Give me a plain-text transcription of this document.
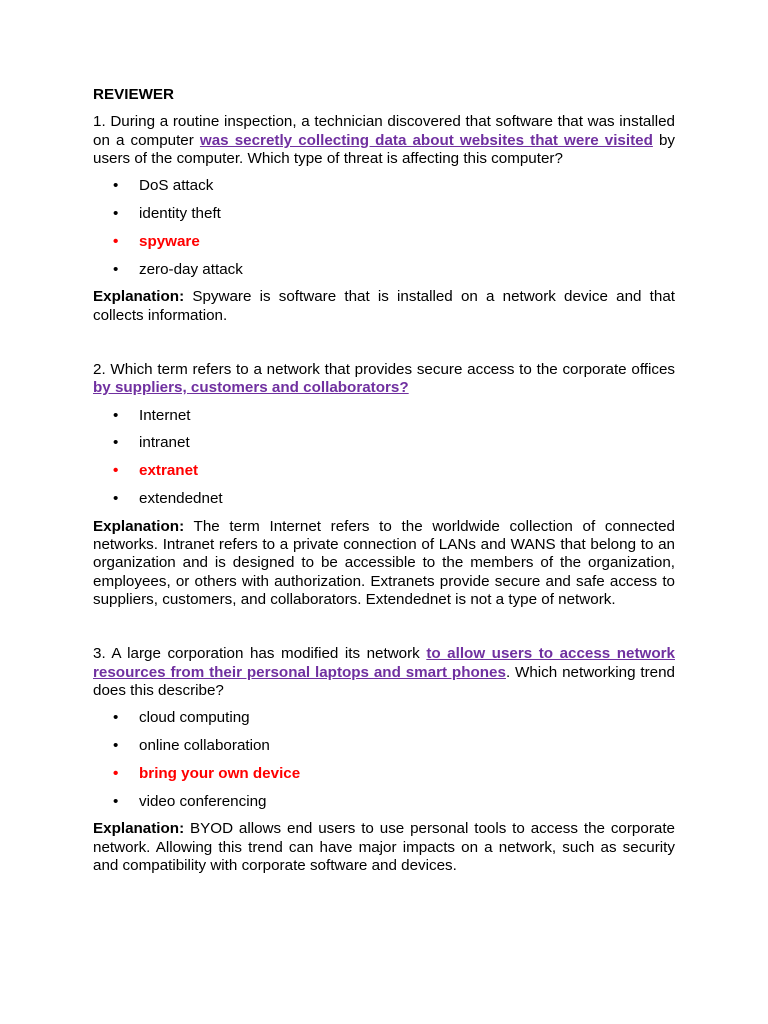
REVIEWER

1. During a routine inspection, a technician discovered that software that was installed on a computer was secretly collecting data about websites that were visited by users of the computer. Which type of threat is affecting this computer?

• DoS attack
• identity theft
• spyware
• zero-day attack

Explanation: Spyware is software that is installed on a network device and that collects information.

2. Which term refers to a network that provides secure access to the corporate offices by suppliers, customers and collaborators?

• Internet
• intranet
• extranet
• extendednet

Explanation: The term Internet refers to the worldwide collection of connected networks. Intranet refers to a private connection of LANs and WANS that belong to an organization and is designed to be accessible to the members of the organization, employees, or others with authorization. Extranets provide secure and safe access to suppliers, customers, and collaborators. Extendednet is not a type of network.

3. A large corporation has modified its network to allow users to access network resources from their personal laptops and smart phones. Which networking trend does this describe?

• cloud computing
• online collaboration
• bring your own device
• video conferencing

Explanation: BYOD allows end users to use personal tools to access the corporate network. Allowing this trend can have major impacts on a network, such as security and compatibility with corporate software and devices.
